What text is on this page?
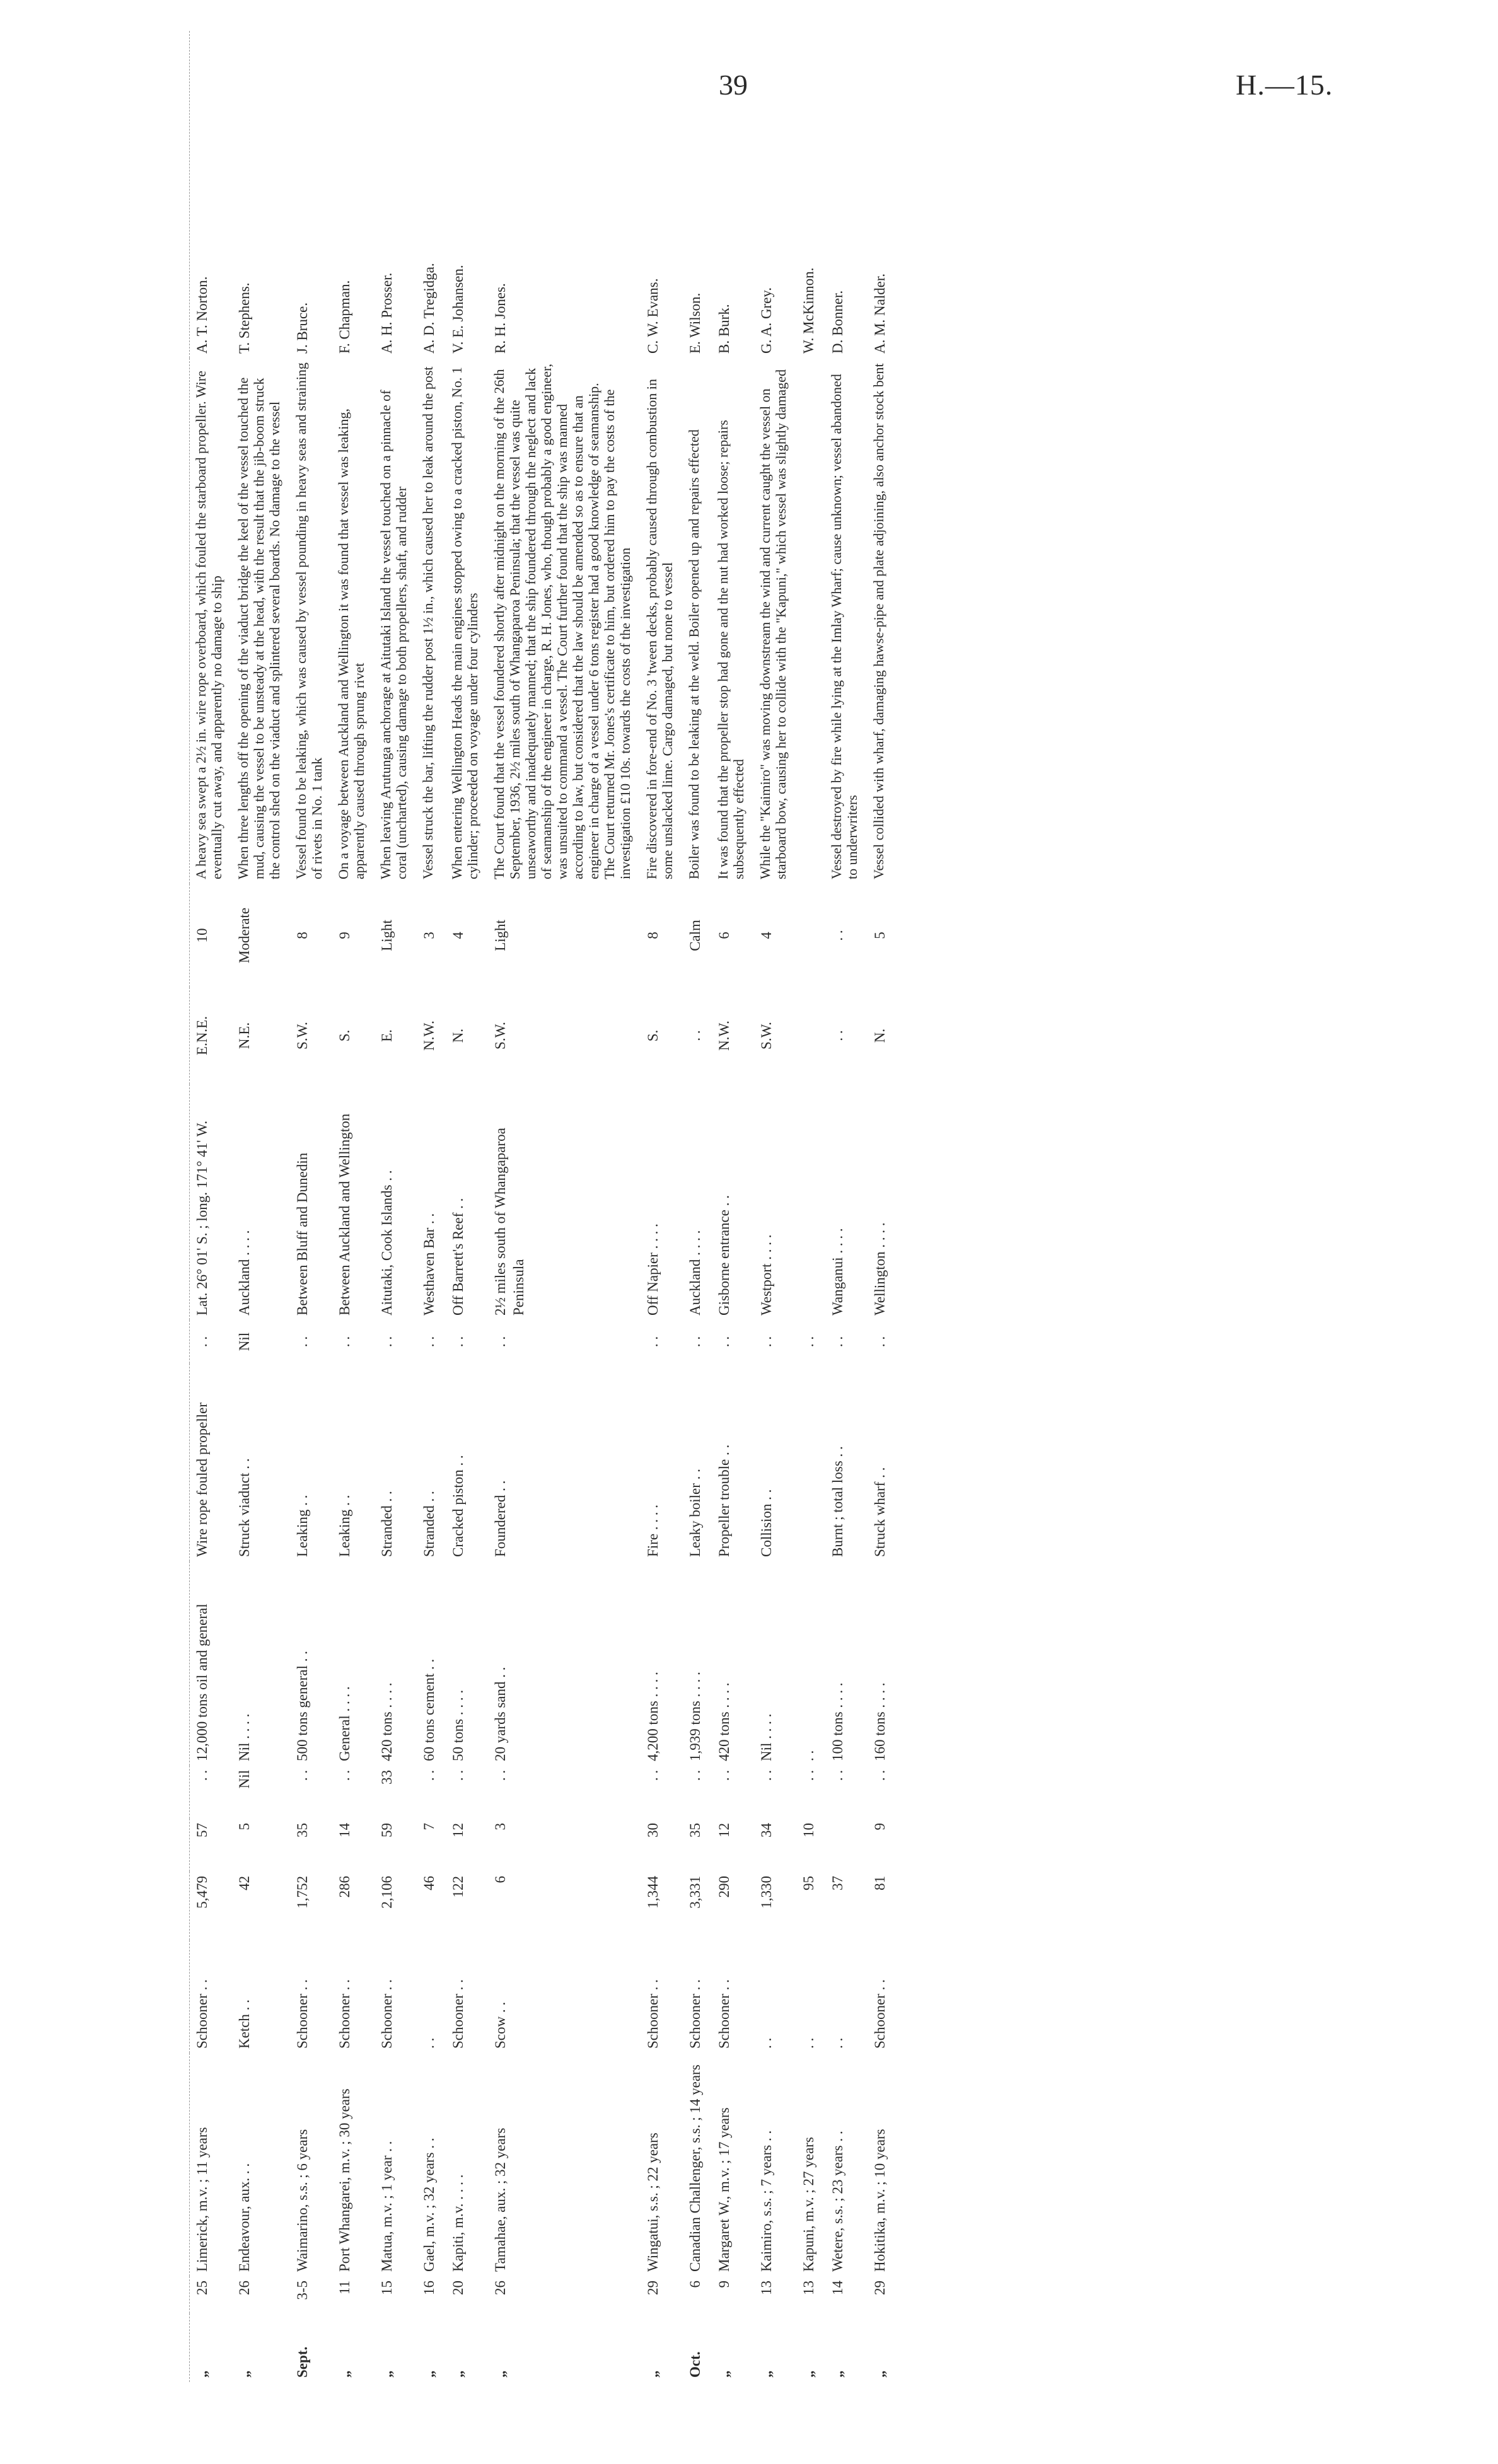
39	H.—15.
„	25	Limerick, m.v. ; 11 years	Schooner . .	5,479	57	. .	12,000 tons oil and general	Wire rope fouled propeller	. .	Lat. 26° 01' S. ; long. 171° 41' W.	E.N.E.	10	A heavy sea swept a 2½ in. wire rope overboard, which fouled the starboard propeller. Wire eventually cut away, and apparently no damage to ship	A. T. Norton.
„	26	Endeavour, aux. . .	Ketch . .	42	5	Nil	Nil . . . .	Struck viaduct . .	Nil	Auckland . . . .	N.E.	Moderate	When three lengths off the opening of the viaduct bridge the keel of the vessel touched the mud, causing the vessel to be unsteady at the head, with the result that the jib-boom struck the control shed on the viaduct and splintered several boards. No damage to the vessel	T. Stephens.
Sept.	3-5	Waimarino, s.s. ; 6 years	Schooner . .	1,752	35	. .	500 tons general . .	Leaking . .	. .	Between Bluff and Dunedin	S.W.	8	Vessel found to be leaking, which was caused by vessel pounding in heavy seas and straining of rivets in No. 1 tank	J. Bruce.
„	11	Port Whangarei, m.v. ; 30 years	Schooner . .	286	14	. .	General . . . .	Leaking . .	. .	Between Auckland and Wellington	S.	9	On a voyage between Auckland and Wellington it was found that vessel was leaking, apparently caused through sprung rivet	F. Chapman.
„	15	Matua, m.v. ; 1 year . .	Schooner . .	2,106	59	33	420 tons . . . .	Stranded . .	. .	Aitutaki, Cook Islands . .	E.	Light	When leaving Arutunga anchorage at Aitutaki Island the vessel touched on a pinnacle of coral (uncharted), causing damage to both propellers, shaft, and rudder	A. H. Prosser.
„	16	Gael, m.v. ; 32 years . .	. .	46	7	. .	60 tons cement . .	Stranded . .	. .	Westhaven Bar . .	N.W.	3	Vessel struck the bar, lifting the rudder post 1½ in., which caused her to leak around the post	A. D. Tregidga.
„	20	Kapiti, m.v. . . . .	Schooner . .	122	12	. .	50 tons . . . .	Cracked piston . .	. .	Off Barrett's Reef . .	N.	4	When entering Wellington Heads the main engines stopped owing to a cracked piston, No. 1 cylinder; proceeded on voyage under four cylinders	V. E. Johansen.
„	26	Tamahae, aux. ; 32 years	Scow . .	6	3	. .	20 yards sand . .	Foundered . .	. .	2½ miles south of Whangaparoa Peninsula	S.W.	Light	The Court found that the vessel foundered shortly after midnight on the morning of the 26th September, 1936, 2½ miles south of Whangaparoa Peninsula; that the vessel was quite unseaworthy and inadequately manned; that the ship foundered through the neglect and lack of seamanship of the engineer in charge, R. H. Jones, who, though probably a good engineer, was unsuited to command a vessel. The Court further found that the ship was manned according to law, but considered that the law should be amended so as to ensure that an engineer in charge of a vessel under 6 tons register had a good knowledge of seamanship. The Court returned Mr. Jones's certificate to him, but ordered him to pay the costs of the investigation £10 10s. towards the costs of the investigation	R. H. Jones.
„	29	Wingatui, s.s. ; 22 years	Schooner . .	1,344	30	. .	4,200 tons . . . .	Fire . . . .	. .	Off Napier . . . .	S.	8	Fire discovered in fore-end of No. 3 'tween decks, probably caused through combustion in some unslacked lime. Cargo damaged, but none to vessel	C. W. Evans.
Oct.	6	Canadian Challenger, s.s. ; 14 years	Schooner . .	3,331	35	. .	1,939 tons . . . .	Leaky boiler . .	. .	Auckland . . . .	. .	Calm	Boiler was found to be leaking at the weld. Boiler opened up and repairs effected	E. Wilson.
„	9	Margaret W., m.v. ; 17 years	Schooner . .	290	12	. .	420 tons . . . .	Propeller trouble . .	. .	Gisborne entrance . .	N.W.	6	It was found that the propeller stop had gone and the nut had worked loose; repairs subsequently effected	B. Burk.
„	13	Kaimiro, s.s. ; 7 years . .	. .	1,330	34	. .	Nil . . . .	Collision . .	. .	Westport . . . .	S.W.	4	While the "Kaimiro" was moving downstream the wind and current caught the vessel on starboard bow, causing her to collide with the "Kapuni," which vessel was slightly damaged	G. A. Grey.
„	13	Kapuni, m.v. ; 27 years	. .	95	10	. .	. .		. .					W. McKinnon.
„	14	Wetere, s.s. ; 23 years . .	. .	37		. .	100 tons . . . .	Burnt ; total loss . .	. .	Wanganui . . . .	. .	. .	Vessel destroyed by fire while lying at the Imlay Wharf; cause unknown; vessel abandoned to underwriters	D. Bonner.
„	29	Hokitika, m.v. ; 10 years	Schooner . .	81	9	. .	160 tons . . . .	Struck wharf . .	. .	Wellington . . . .	N.	5	Vessel collided with wharf, damaging hawse-pipe and plate adjoining, also anchor stock bent	A. M. Nalder.
